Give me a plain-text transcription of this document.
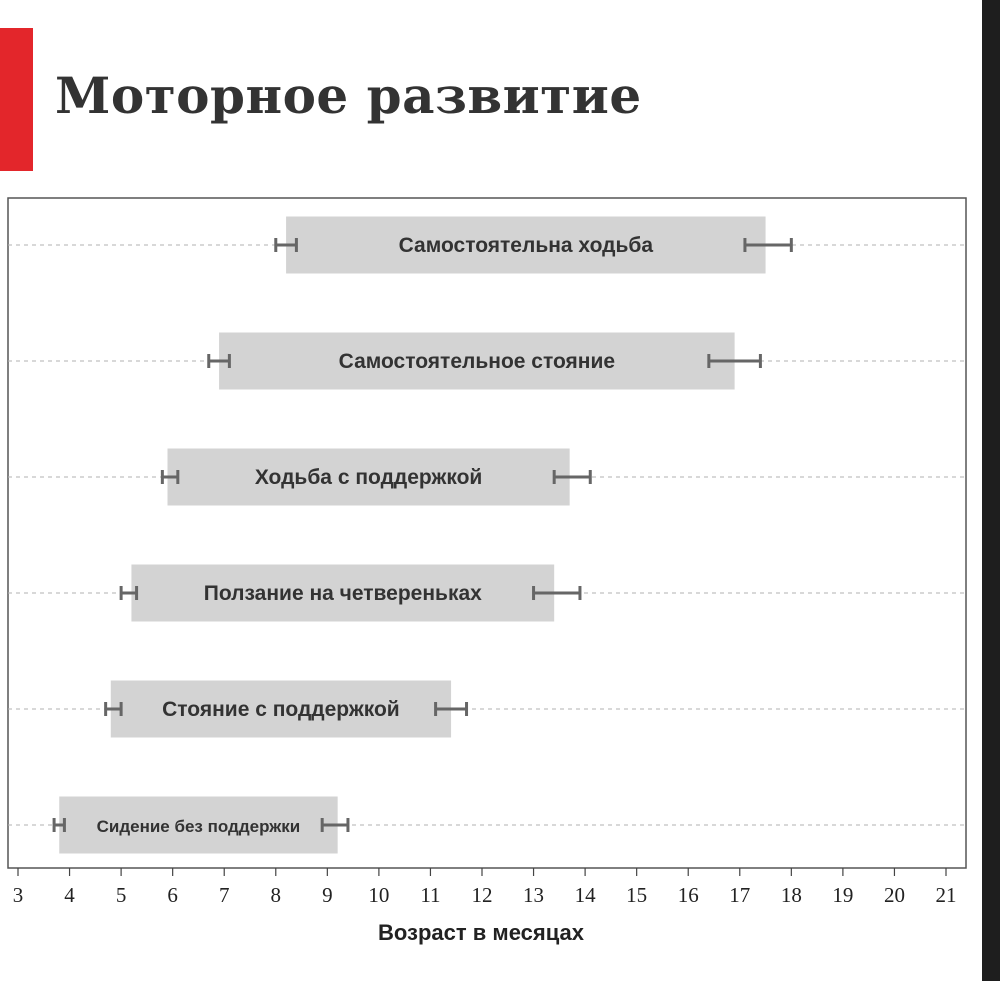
Моторное развитие
Самостоятельна ходьба
Самостоятельное стояние
Ходьба с поддержкой
Ползание на четвереньках
Стояние с поддержкой
Сидение без поддержки
3 4 5 6 7 8 9 10 11 12 13 14 15 16 17 18 19 20 21
Возраст в месяцах
